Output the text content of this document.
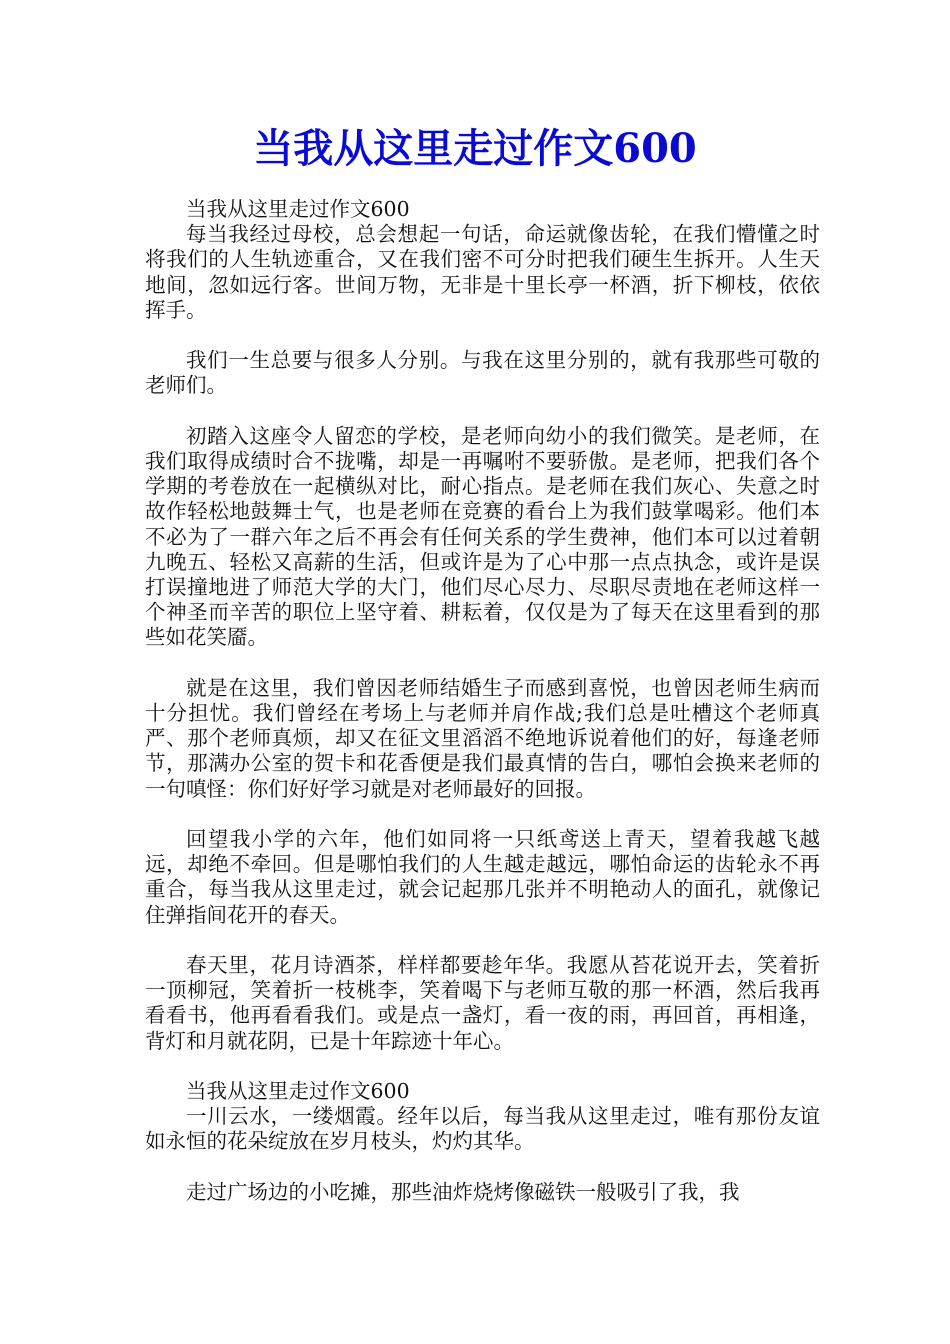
当我从这里走过作文600

当我从这里走过作文600

每当我经过母校，总会想起一句话，命运就像齿轮，在我们懵懂之时将我们的人生轨迹重合，又在我们密不可分时把我们硬生生拆开。人生天地间，忽如远行客。世间万物，无非是十里长亭一杯酒，折下柳枝，依依挥手。

我们一生总要与很多人分别。与我在这里分别的，就有我那些可敬的老师们。

初踏入这座令人留恋的学校，是老师向幼小的我们微笑。是老师，在我们取得成绩时合不拢嘴，却是一再嘱咐不要骄傲。是老师，把我们各个学期的考卷放在一起横纵对比，耐心指点。是老师在我们灰心、失意之时故作轻松地鼓舞士气，也是老师在竞赛的看台上为我们鼓掌喝彩。他们本不必为了一群六年之后不再会有任何关系的学生费神，他们本可以过着朝九晚五、轻松又高薪的生活，但或许是为了心中那一点点执念，或许是误打误撞地进了师范大学的大门，他们尽心尽力、尽职尽责地在老师这样一个神圣而辛苦的职位上坚守着、耕耘着，仅仅是为了每天在这里看到的那些如花笑靥。

就是在这里，我们曾因老师结婚生子而感到喜悦，也曾因老师生病而十分担忧。我们曾经在考场上与老师并肩作战;我们总是吐槽这个老师真严、那个老师真烦，却又在征文里滔滔不绝地诉说着他们的好，每逢老师节，那满办公室的贺卡和花香便是我们最真情的告白，哪怕会换来老师的一句嗔怪：你们好好学习就是对老师最好的回报。

回望我小学的六年，他们如同将一只纸鸢送上青天，望着我越飞越远，却绝不牵回。但是哪怕我们的人生越走越远，哪怕命运的齿轮永不再重合，每当我从这里走过，就会记起那几张并不明艳动人的面孔，就像记住弹指间花开的春天。

春天里，花月诗酒茶，样样都要趁年华。我愿从苔花说开去，笑着折一顶柳冠，笑着折一枝桃李，笑着喝下与老师互敬的那一杯酒，然后我再看看书，他再看看我们。或是点一盏灯，看一夜的雨，再回首，再相逢，背灯和月就花阴，已是十年踪迹十年心。

当我从这里走过作文600

一川云水，一缕烟霞。经年以后，每当我从这里走过，唯有那份友谊如永恒的花朵绽放在岁月枝头，灼灼其华。

走过广场边的小吃摊，那些油炸烧烤像磁铁一般吸引了我，我
